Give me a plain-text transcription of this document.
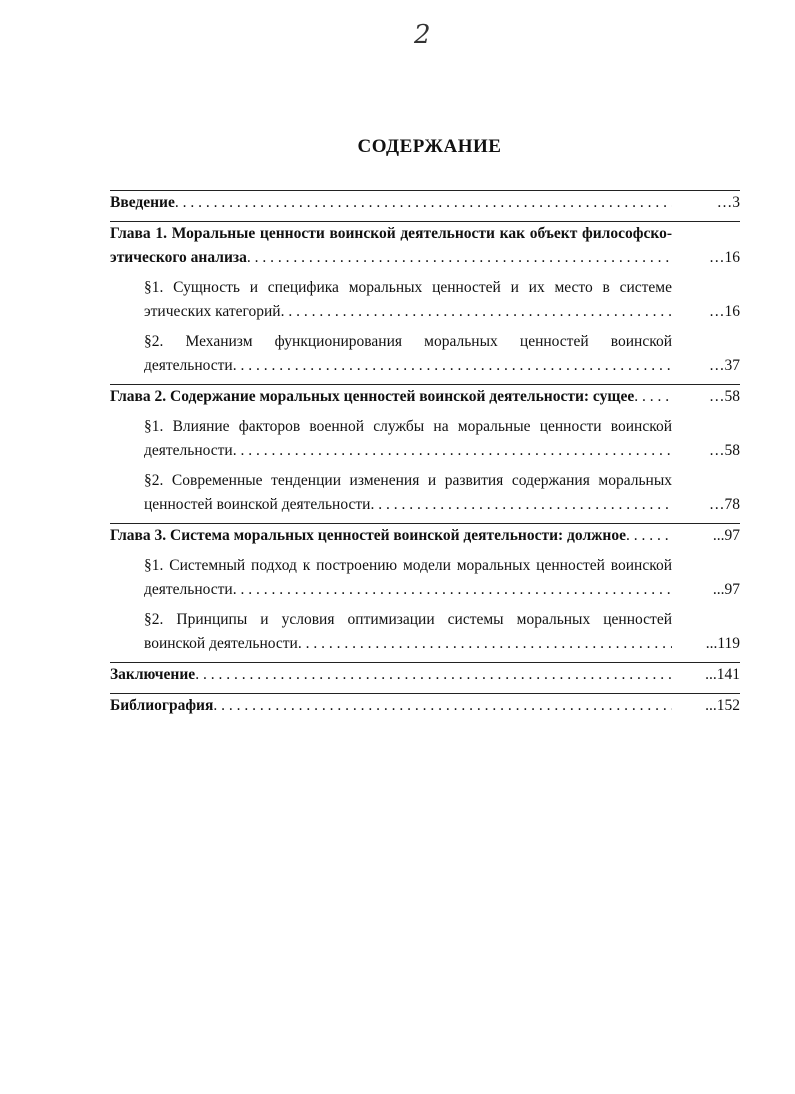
2
СОДЕРЖАНИЕ
Введение . . .	…3

Глава 1. Моральные ценности воинской деятельности как объект философско-этического анализа . . .	…16

§1. Сущность и специфика моральных ценностей и их место в системе этических категорий . . .	…16

§2. Механизм функционирования моральных ценностей воинской деятельности . . .	…37

Глава 2. Содержание моральных ценностей воинской деятельности: сущее . . .	…58

§1. Влияние факторов военной службы на моральные ценности воинской деятельности . . .	…58

§2. Современные тенденции изменения и развития содержания моральных ценностей воинской деятельности . . .	…78

Глава 3. Система моральных ценностей воинской деятельности: должное . . .	...97

§1. Системный подход к построению модели моральных ценностей воинской деятельности . . .	...97

§2. Принципы и условия оптимизации системы моральных ценностей воинской деятельности . . .	...119

Заключение . . .	...141

Библиография . . .	...152
